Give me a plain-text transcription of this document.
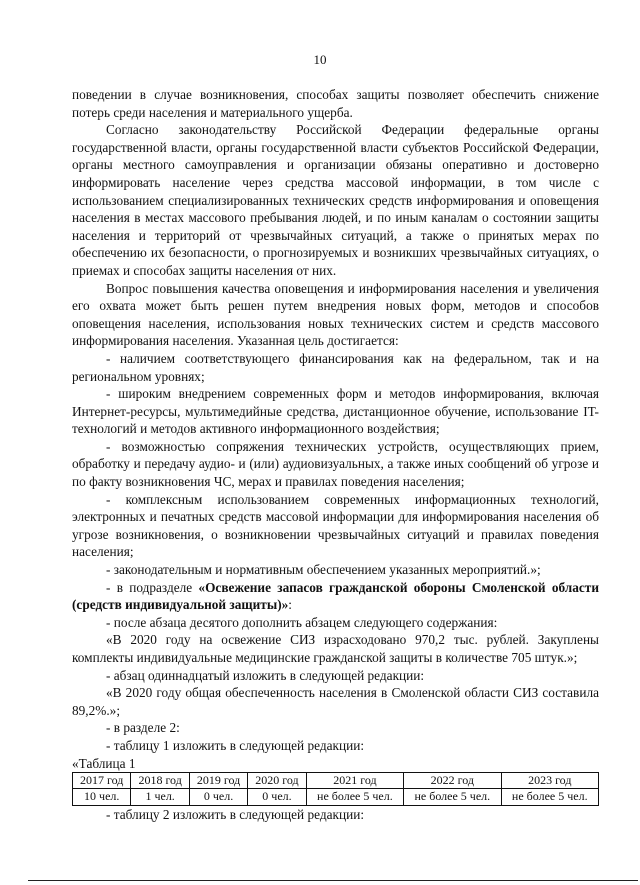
10

поведении в случае возникновения, способах защиты позволяет обеспечить снижение потерь среди населения и материального ущерба.

Согласно законодательству Российской Федерации федеральные органы государственной власти, органы государственной власти субъектов Российской Федерации, органы местного самоуправления и организации обязаны оперативно и достоверно информировать население через средства массовой информации, в том числе с использованием специализированных технических средств информирования и оповещения населения в местах массового пребывания людей, и по иным каналам о состоянии защиты населения и территорий от чрезвычайных ситуаций, а также о принятых мерах по обеспечению их безопасности, о прогнозируемых и возникших чрезвычайных ситуациях, о приемах и способах защиты населения от них.

Вопрос повышения качества оповещения и информирования населения и увеличения его охвата может быть решен путем внедрения новых форм, методов и способов оповещения населения, использования новых технических систем и средств массового информирования населения. Указанная цель достигается:

- наличием соответствующего финансирования как на федеральном, так и на региональном уровнях;

- широким внедрением современных форм и методов информирования, включая Интернет-ресурсы, мультимедийные средства, дистанционное обучение, использование IT-технологий и методов активного информационного воздействия;

- возможностью сопряжения технических устройств, осуществляющих прием, обработку и передачу аудио- и (или) аудиовизуальных, а также иных сообщений об угрозе и по факту возникновения ЧС, мерах и правилах поведения населения;

- комплексным использованием современных информационных технологий, электронных и печатных средств массовой информации для информирования населения об угрозе возникновения, о возникновении чрезвычайных ситуаций и правилах поведения населения;

- законодательным и нормативным обеспечением указанных мероприятий.»;

- в подразделе «Освежение запасов гражданской обороны Смоленской области (средств индивидуальной защиты)»:

- после абзаца десятого дополнить абзацем следующего содержания:

«В 2020 году на освежение СИЗ израсходовано 970,2 тыс. рублей. Закуплены комплекты индивидуальные медицинские гражданской защиты в количестве 705 штук.»;

- абзац одиннадцатый изложить в следующей редакции:

«В 2020 году общая обеспеченность населения в Смоленской области СИЗ составила 89,2%.»;

- в разделе 2:

- таблицу 1 изложить в следующей редакции:

«Таблица 1

2017 год	2018 год	2019 год	2020 год	2021 год	2022 год	2023 год
10 чел.	1 чел.	0 чел.	0 чел.	не более 5 чел.	не более 5 чел.	не более 5 чел.

- таблицу 2 изложить в следующей редакции:
